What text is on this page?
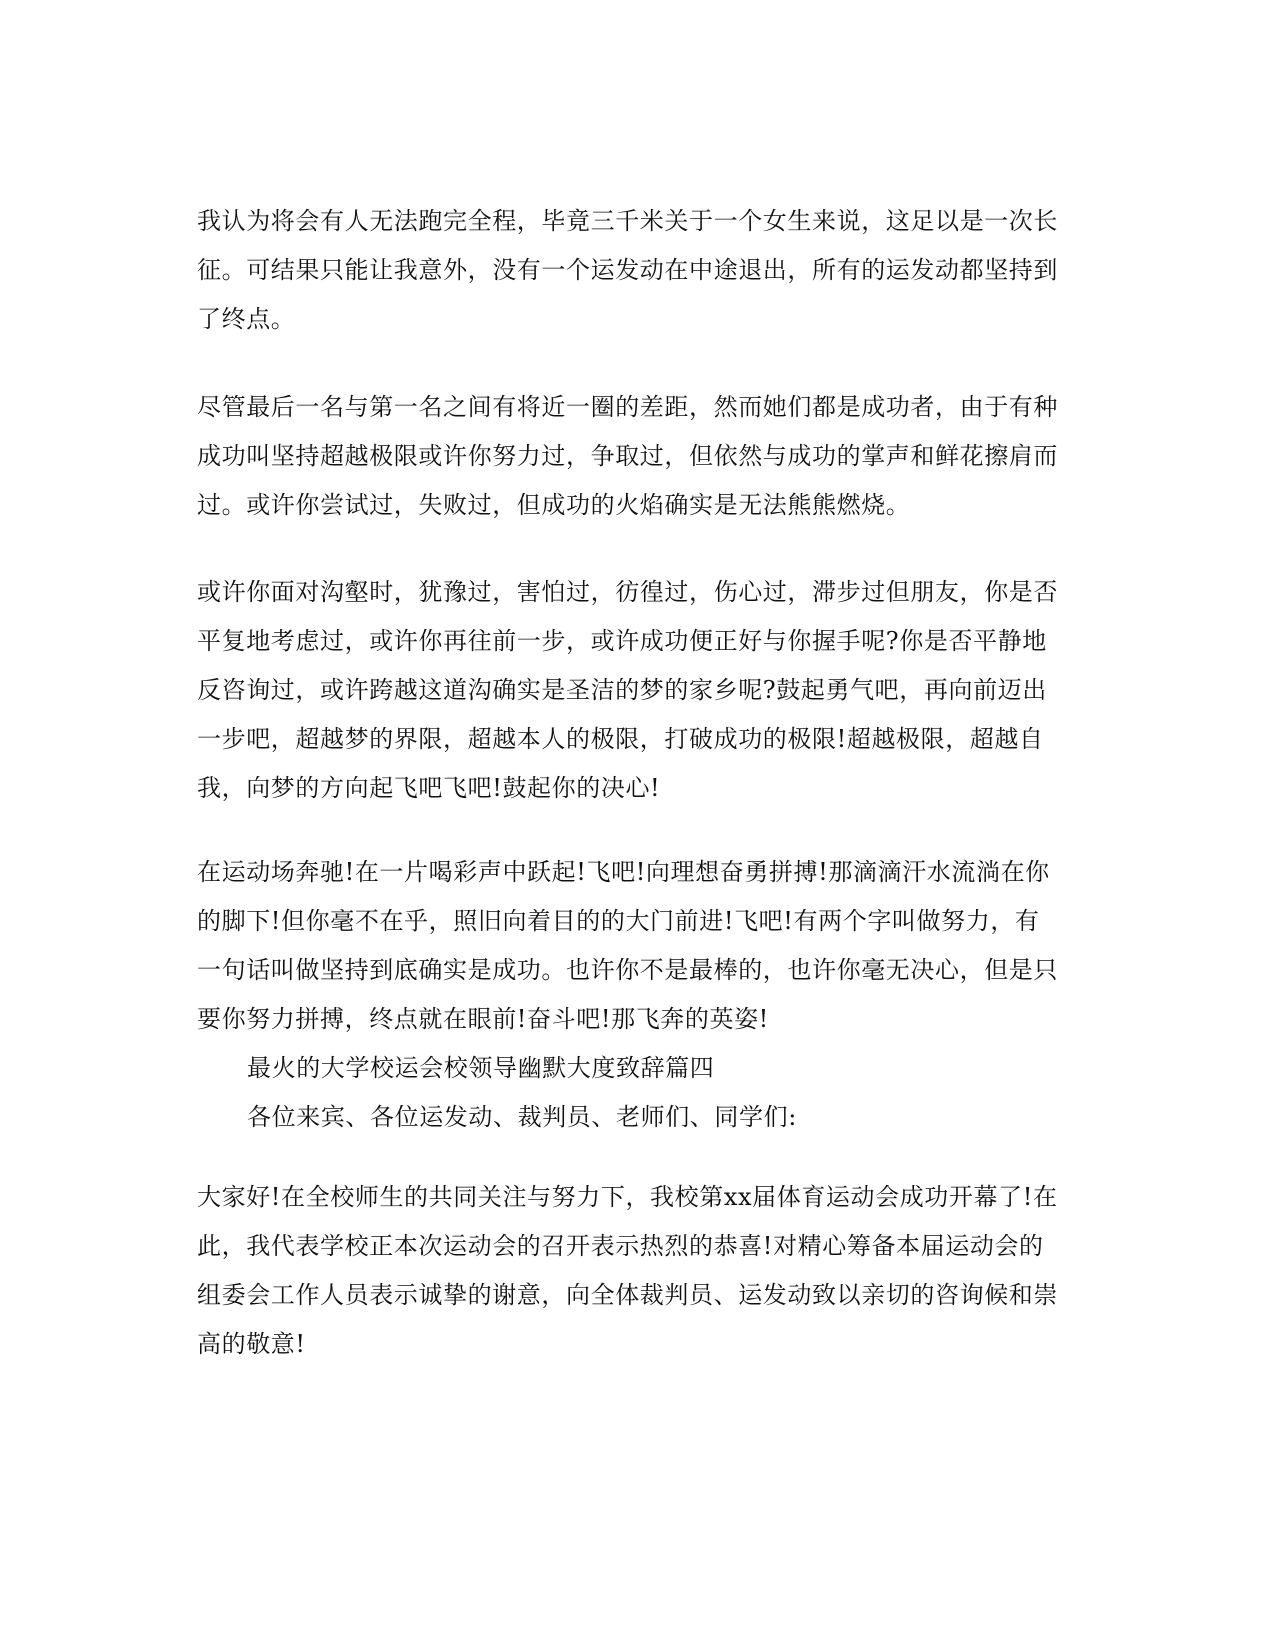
我认为将会有人无法跑完全程，毕竟三千米关于一个女生来说，这足以是一次长
征。可结果只能让我意外，没有一个运发动在中途退出，所有的运发动都坚持到
了终点。
尽管最后一名与第一名之间有将近一圈的差距，然而她们都是成功者，由于有种
成功叫坚持超越极限或许你努力过，争取过，但依然与成功的掌声和鲜花擦肩而
过。或许你尝试过，失败过，但成功的火焰确实是无法熊熊燃烧。
或许你面对沟壑时，犹豫过，害怕过，彷徨过，伤心过，滞步过但朋友，你是否
平复地考虑过，或许你再往前一步，或许成功便正好与你握手呢?你是否平静地
反咨询过，或许跨越这道沟确实是圣洁的梦的家乡呢?鼓起勇气吧，再向前迈出
一步吧，超越梦的界限，超越本人的极限，打破成功的极限!超越极限，超越自
我，向梦的方向起飞吧飞吧!鼓起你的决心!
在运动场奔驰!在一片喝彩声中跃起!飞吧!向理想奋勇拼搏!那滴滴汗水流淌在你
的脚下!但你毫不在乎，照旧向着目的的大门前进!飞吧!有两个字叫做努力，有
一句话叫做坚持到底确实是成功。也许你不是最棒的，也许你毫无决心，但是只
要你努力拼搏，终点就在眼前!奋斗吧!那飞奔的英姿!
最火的大学校运会校领导幽默大度致辞篇四
各位来宾、各位运发动、裁判员、老师们、同学们:
大家好!在全校师生的共同关注与努力下，我校第xx届体育运动会成功开幕了!在
此，我代表学校正本次运动会的召开表示热烈的恭喜!对精心筹备本届运动会的
组委会工作人员表示诚挚的谢意，向全体裁判员、运发动致以亲切的咨询候和崇
高的敬意!
